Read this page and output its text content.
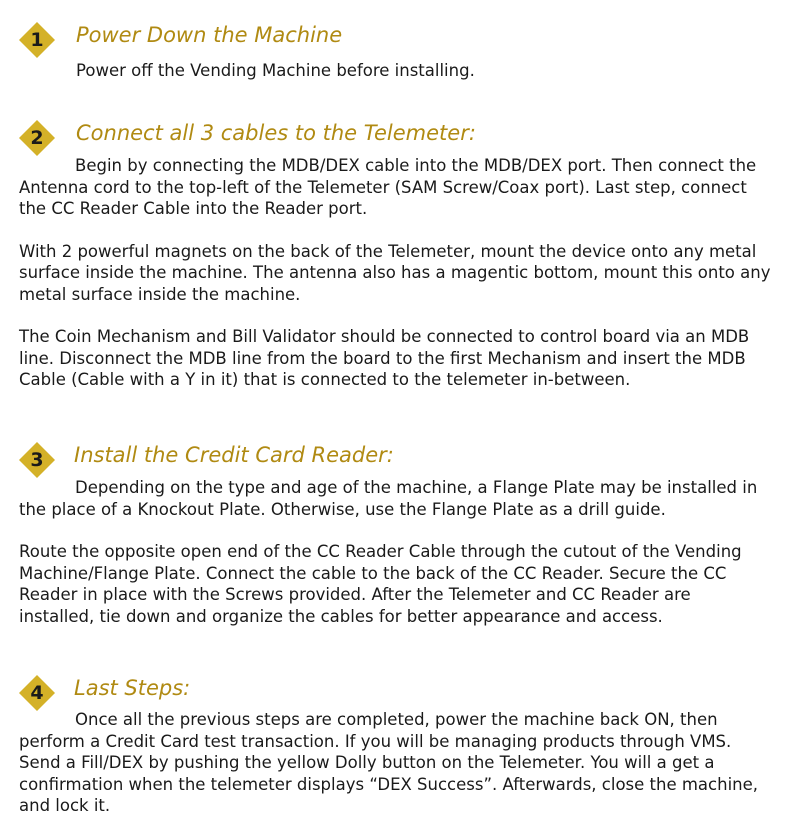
1	Power Down the Machine
Power off the Vending Machine before installing.
2	Connect all 3 cables to the Telemeter:
Begin by connecting the MDB/DEX cable into the MDB/DEX port. Then connect the
Antenna cord to the top-left of the Telemeter (SAM Screw/Coax port). Last step, connect
the CC Reader Cable into the Reader port.
With 2 powerful magnets on the back of the Telemeter, mount the device onto any metal
surface inside the machine. The antenna also has a magentic bottom, mount this onto any
metal surface inside the machine.
The Coin Mechanism and Bill Validator should be connected to control board via an MDB
line. Disconnect the MDB line from the board to the first Mechanism and insert the MDB
Cable (Cable with a Y in it) that is connected to the telemeter in-between.
3	Install the Credit Card Reader:
Depending on the type and age of the machine, a Flange Plate may be installed in
the place of a Knockout Plate. Otherwise, use the Flange Plate as a drill guide.
Route the opposite open end of the CC Reader Cable through the cutout of the Vending
Machine/Flange Plate. Connect the cable to the back of the CC Reader. Secure the CC
Reader in place with the Screws provided. After the Telemeter and CC Reader are
installed, tie down and organize the cables for better appearance and access.
4	Last Steps:
Once all the previous steps are completed, power the machine back ON, then
perform a Credit Card test transaction. If you will be managing products through VMS.
Send a Fill/DEX by pushing the yellow Dolly button on the Telemeter. You will a get a
confirmation when the telemeter displays “DEX Success”. Afterwards, close the machine,
and lock it.
